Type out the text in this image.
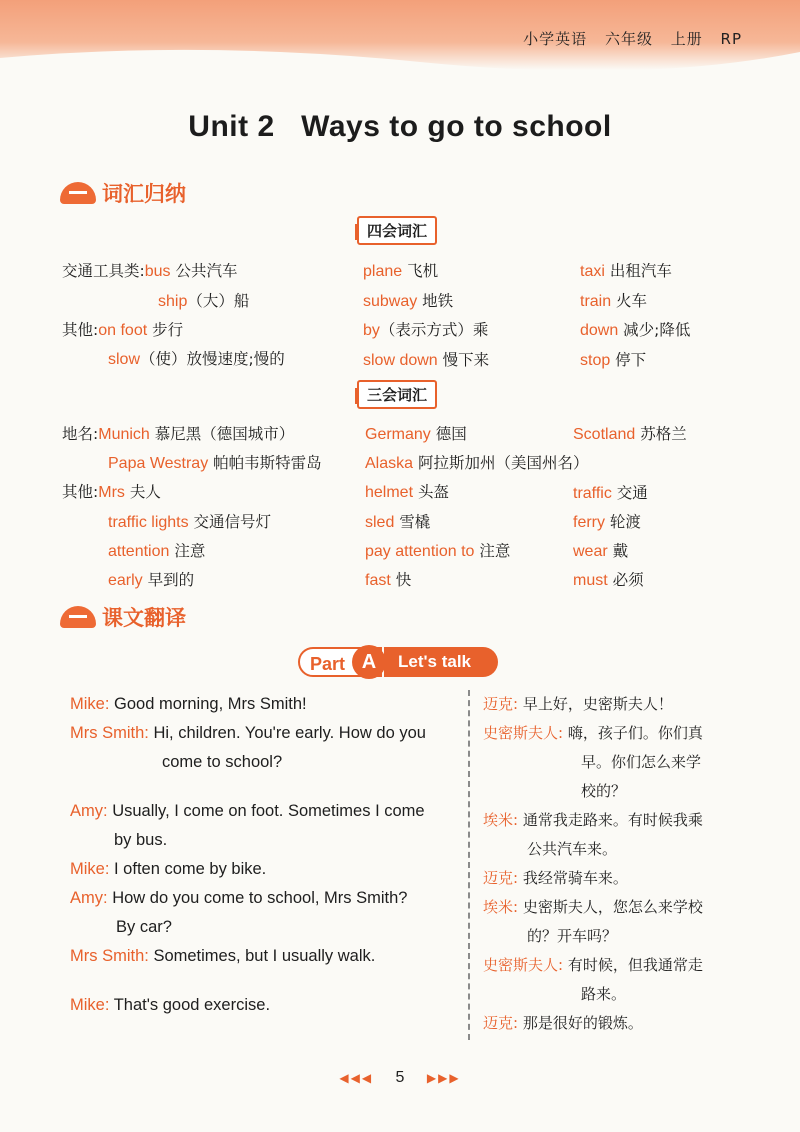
小学英语 六年级 上册 RP
Unit 2   Ways to go to school
词汇归纳
四会词汇
交通工具类:bus 公共汽车
ship（大）船
其他:on foot 步行
slow（使）放慢速度;慢的
plane 飞机
subway 地铁
by（表示方式）乘
slow down 慢下来
taxi 出租汽车
train 火车
down 减少;降低
stop 停下
三会词汇
地名:Munich 慕尼黑（德国城市）
Papa Westray 帕帕韦斯特雷岛
其他:Mrs 夫人
traffic lights 交通信号灯
attention 注意
early 早到的
Germany 德国
Alaska 阿拉斯加州（美国州名）
helmet 头盔
sled 雪橇
pay attention to 注意
fast 快
Scotland 苏格兰
traffic 交通
ferry 轮渡
wear 戴
must 必须
课文翻译
Part A	Let's talk
Mike: Good morning, Mrs Smith!
Mrs Smith: Hi, children. You're early. How do you
come to school?
Amy: Usually, I come on foot. Sometimes I come
by bus.
Mike: I often come by bike.
Amy: How do you come to school, Mrs Smith?
By car?
Mrs Smith: Sometimes, but I usually walk.
Mike: That's good exercise.
迈克: 早上好，史密斯夫人！
史密斯夫人: 嗨，孩子们。你们真
早。你们怎么来学
校的？
埃米: 通常我走路来。有时候我乘
公共汽车来。
迈克: 我经常骑车来。
埃米: 史密斯夫人，您怎么来学校
的？开车吗？
史密斯夫人: 有时候，但我通常走
路来。
迈克: 那是很好的锻炼。
◀◀◀ 5 ▶▶▶
